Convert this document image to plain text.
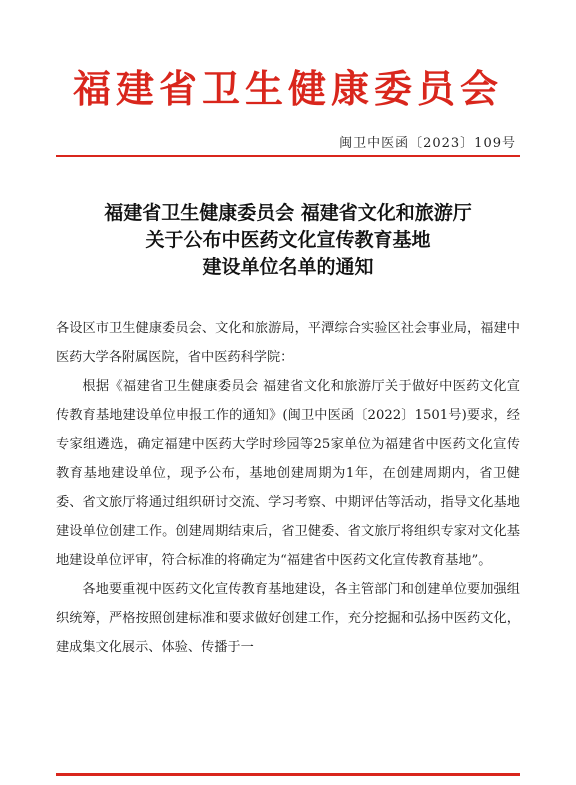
福建省卫生健康委员会
闽卫中医函〔2023〕109号
福建省卫生健康委员会 福建省文化和旅游厅
关于公布中医药文化宣传教育基地
建设单位名单的通知

各设区市卫生健康委员会、文化和旅游局，平潭综合实验区社会事业局，福建中医药大学各附属医院，省中医药科学院：

根据《福建省卫生健康委员会 福建省文化和旅游厅关于做好中医药文化宣传教育基地建设单位申报工作的通知》(闽卫中医函〔2022〕1501号)要求，经专家组遴选，确定福建中医药大学时珍园等25家单位为福建省中医药文化宣传教育基地建设单位，现予公布，基地创建周期为1年，在创建周期内，省卫健委、省文旅厅将通过组织研讨交流、学习考察、中期评估等活动，指导文化基地建设单位创建工作。创建周期结束后，省卫健委、省文旅厅将组织专家对文化基地建设单位评审，符合标准的将确定为“福建省中医药文化宣传教育基地”。

各地要重视中医药文化宣传教育基地建设，各主管部门和创建单位要加强组织统筹，严格按照创建标准和要求做好创建工作，充分挖掘和弘扬中医药文化，建成集文化展示、体验、传播于一
